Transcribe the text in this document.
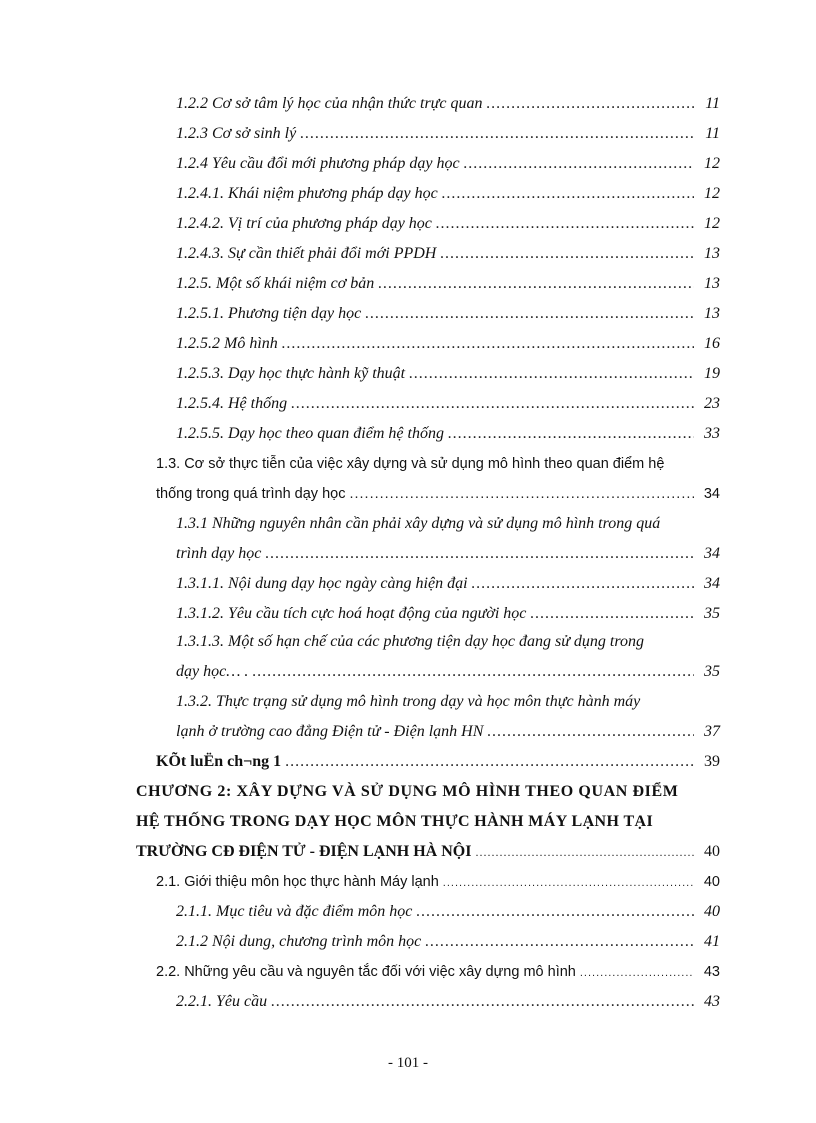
1.2.2 Cơ sở tâm lý học của nhận thức trực quan .....	11
1.2.3 Cơ sở sinh lý .....	11
1.2.4 Yêu cầu đổi mới phương pháp dạy học .....	12
1.2.4.1. Khái niệm phương pháp dạy học .....	12
1.2.4.2. Vị trí của phương pháp dạy học .....	12
1.2.4.3. Sự cần thiết phải đổi mới PPDH .....	13
1.2.5. Một số khái niệm cơ bản .....	13
1.2.5.1. Phương tiện dạy học .....	13
1.2.5.2 Mô hình .....	16
1.2.5.3. Dạy học thực hành kỹ thuật .....	19
1.2.5.4. Hệ thống .....	23
1.2.5.5. Dạy học theo quan điểm hệ thống .....	33
1.3. Cơ sở thực tiễn của việc xây dựng và sử dụng mô hình theo quan điểm hệ
thống trong quá trình dạy học .....	34
1.3.1 Những nguyên nhân cần phải xây dựng và sử dụng mô hình trong quá
trình dạy học .....	34
1.3.1.1. Nội dung dạy học ngày càng hiện đại .....	34
1.3.1.2. Yêu cầu tích cực hoá hoạt động của người học .....	35
1.3.1.3. Một số hạn chế của các phương tiện dạy học đang sử dụng trong
dạy học… . .....	35
1.3.2. Thực trạng sử dụng mô hình trong dạy và học môn thực hành máy
lạnh ở trường cao đẳng Điện tử - Điện lạnh HN .....	37
KÕt luËn ch¬ng 1 .....	39
CHƯƠNG 2: XÂY DỰNG VÀ SỬ DỤNG MÔ HÌNH THEO QUAN ĐIỂM
HỆ THỐNG TRONG DẠY HỌC MÔN THỰC HÀNH MÁY LẠNH TẠI
TRƯỜNG CĐ ĐIỆN TỬ - ĐIỆN LẠNH HÀ NỘI .....	40
2.1. Giới thiệu môn học thực hành Máy lạnh .....	40
2.1.1. Mục tiêu và đặc điểm môn học .....	40
2.1.2 Nội dung, chương trình môn học .....	41
2.2. Những yêu cầu và nguyên tắc đối với việc xây dựng mô hình .....	43
2.2.1. Yêu cầu .....	43
- 101 -
